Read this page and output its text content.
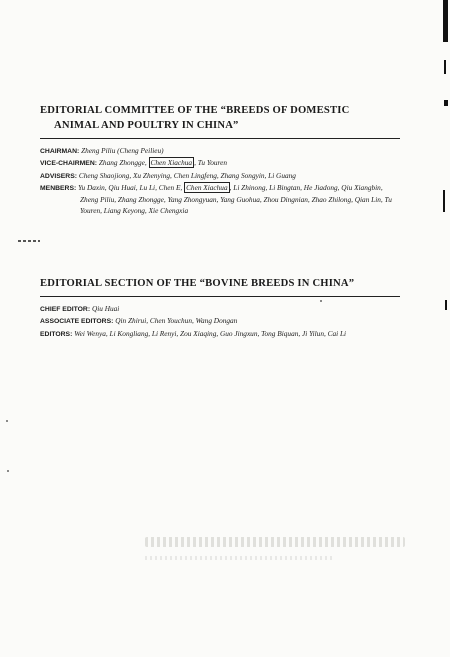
EDITORIAL COMMITTEE OF THE “BREEDS OF DOMESTIC
ANIMAL AND POULTRY IN CHINA”
CHAIRMAN: Zheng Piliu (Cheng Peilieu)
VICE-CHAIRMEN: Zhang Zhongge, Chen Xiachua , Tu Youren
ADVISERS: Cheng Shaojiong, Xu Zhenying, Chen Lingfeng, Zhang Songyin, Li Guang
MENBERS: Yu Daxin, Qiu Huai, Lu Li, Chen E, Chen Xiachua , Li Zhinong, Li Bingtan, He Jiadong, Qiu Xiangbin, Zheng Piliu, Zhang Zhongge, Yang Zhongyuan, Yang Guohua, Zhou Dingnian, Zhao Zhilong, Qian Lin, Tu Youren, Liang Keyong, Xie Chengxia
EDITORIAL SECTION OF THE “BOVINE BREEDS IN CHINA”
CHIEF EDITOR: Qiu Huai
ASSOCIATE EDITORS: Qin Zhirui, Chen Youchun, Wang Dongan
EDITORS: Wei Wenya, Li Kongliang, Li Renyi, Zou Xiaqing, Guo Jingxun, Tong Biquan, Ji Yilun, Cai Li
